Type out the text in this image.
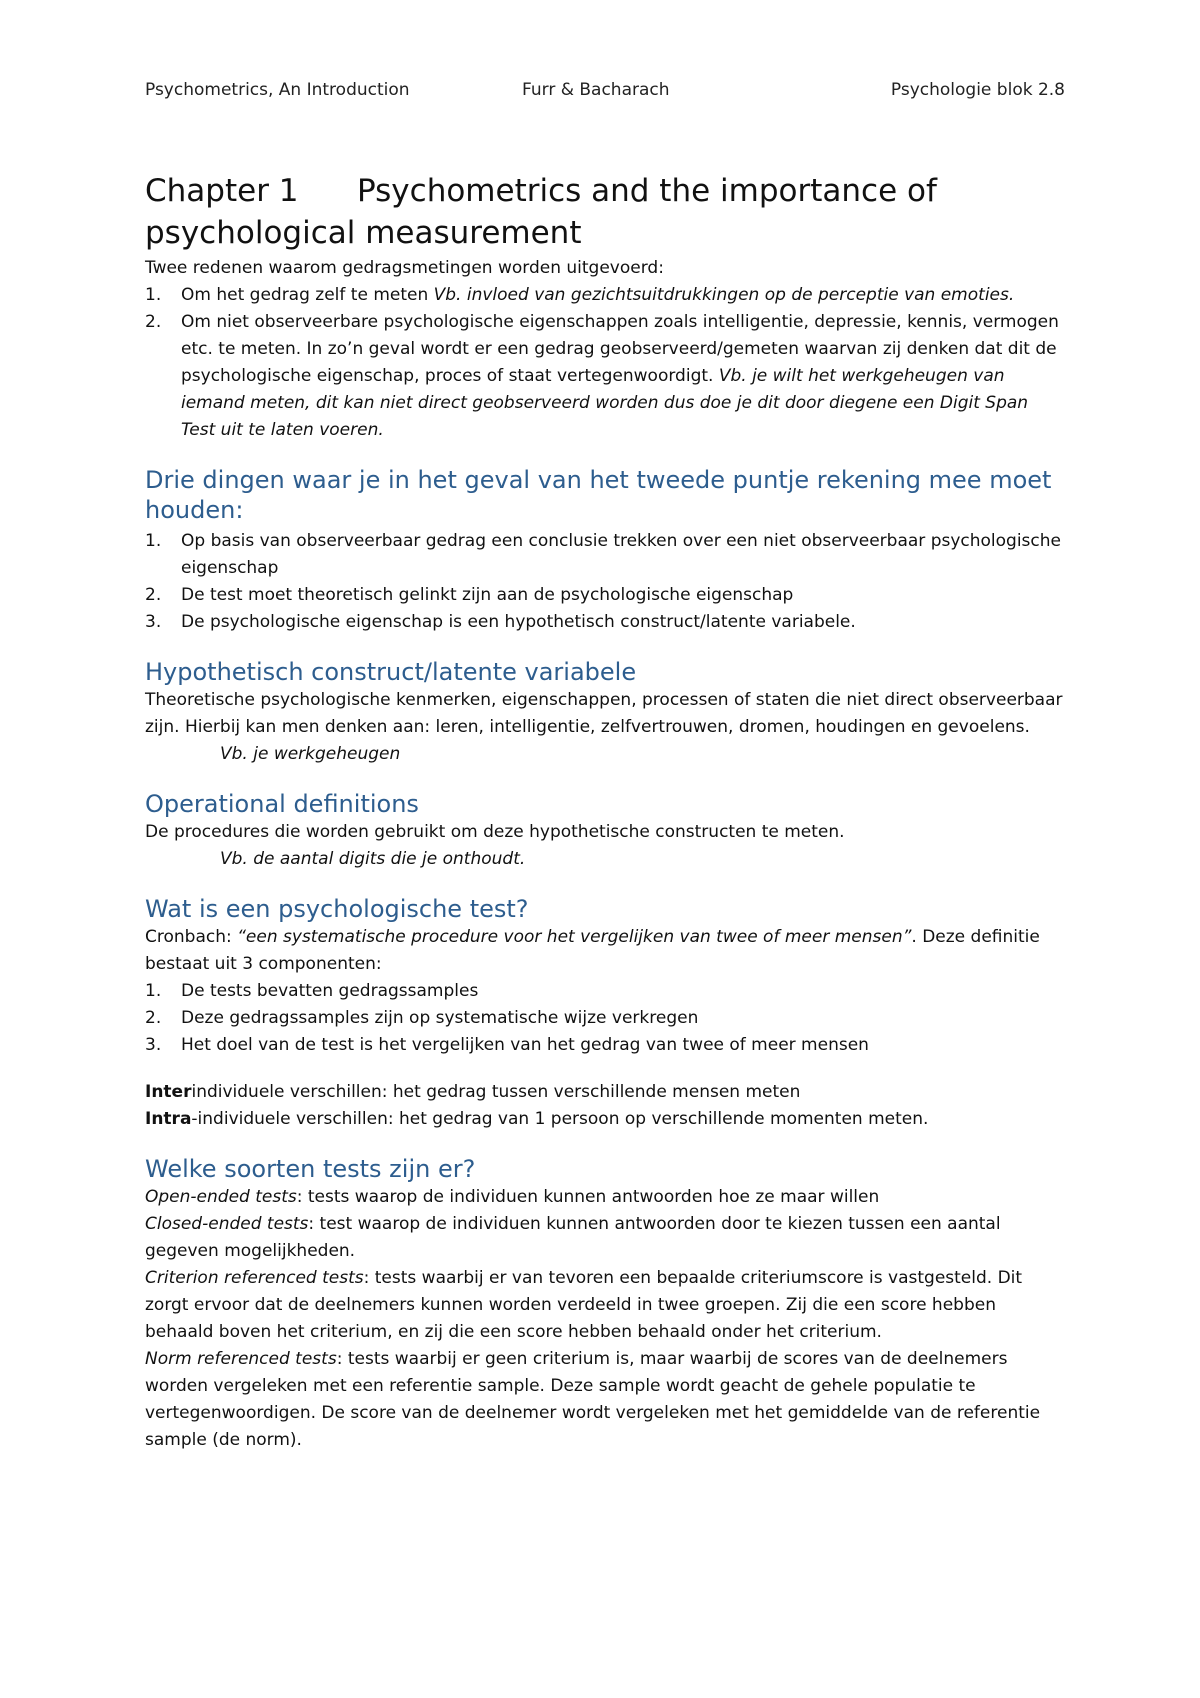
Psychometrics, An Introduction	Furr & Bacharach	Psychologie blok 2.8
Chapter 1 Psychometrics and the importance of
psychological measurement

Twee redenen waarom gedragsmetingen worden uitgevoerd:

1. Om het gedrag zelf te meten Vb. invloed van gezichtsuitdrukkingen op de perceptie van emoties.
2. Om niet observeerbare psychologische eigenschappen zoals intelligentie, depressie, kennis, vermogen etc. te meten. In zo’n geval wordt er een gedrag geobserveerd/gemeten waarvan zij denken dat dit de psychologische eigenschap, proces of staat vertegenwoordigt. Vb. je wilt het werkgeheugen van iemand meten, dit kan niet direct geobserveerd worden dus doe je dit door diegene een Digit Span Test uit te laten voeren.
Drie dingen waar je in het geval van het tweede puntje rekening mee moet houden:
1. Op basis van observeerbaar gedrag een conclusie trekken over een niet observeerbaar psychologische eigenschap
2. De test moet theoretisch gelinkt zijn aan de psychologische eigenschap
3. De psychologische eigenschap is een hypothetisch construct/latente variabele.
Hypothetisch construct/latente variabele

Theoretische psychologische kenmerken, eigenschappen, processen of staten die niet direct observeerbaar zijn. Hierbij kan men denken aan: leren, intelligentie, zelfvertrouwen, dromen, houdingen en gevoelens.

Vb. je werkgeheugen

Operational definitions

De procedures die worden gebruikt om deze hypothetische constructen te meten.

Vb. de aantal digits die je onthoudt.

Wat is een psychologische test?

Cronbach: “een systematische procedure voor het vergelijken van twee of meer mensen”. Deze definitie bestaat uit 3 componenten:

1. De tests bevatten gedragssamples
2. Deze gedragssamples zijn op systematische wijze verkregen
3. Het doel van de test is het vergelijken van het gedrag van twee of meer mensen

Interindividuele verschillen: het gedrag tussen verschillende mensen meten

Intra-individuele verschillen: het gedrag van 1 persoon op verschillende momenten meten.

Welke soorten tests zijn er?

Open-ended tests: tests waarop de individuen kunnen antwoorden hoe ze maar willen

Closed-ended tests: test waarop de individuen kunnen antwoorden door te kiezen tussen een aantal gegeven mogelijkheden.

Criterion referenced tests: tests waarbij er van tevoren een bepaalde criteriumscore is vastgesteld. Dit zorgt ervoor dat de deelnemers kunnen worden verdeeld in twee groepen. Zij die een score hebben behaald boven het criterium, en zij die een score hebben behaald onder het criterium.

Norm referenced tests: tests waarbij er geen criterium is, maar waarbij de scores van de deelnemers worden vergeleken met een referentie sample. Deze sample wordt geacht de gehele populatie te vertegenwoordigen. De score van de deelnemer wordt vergeleken met het gemiddelde van de referentie sample (de norm).
